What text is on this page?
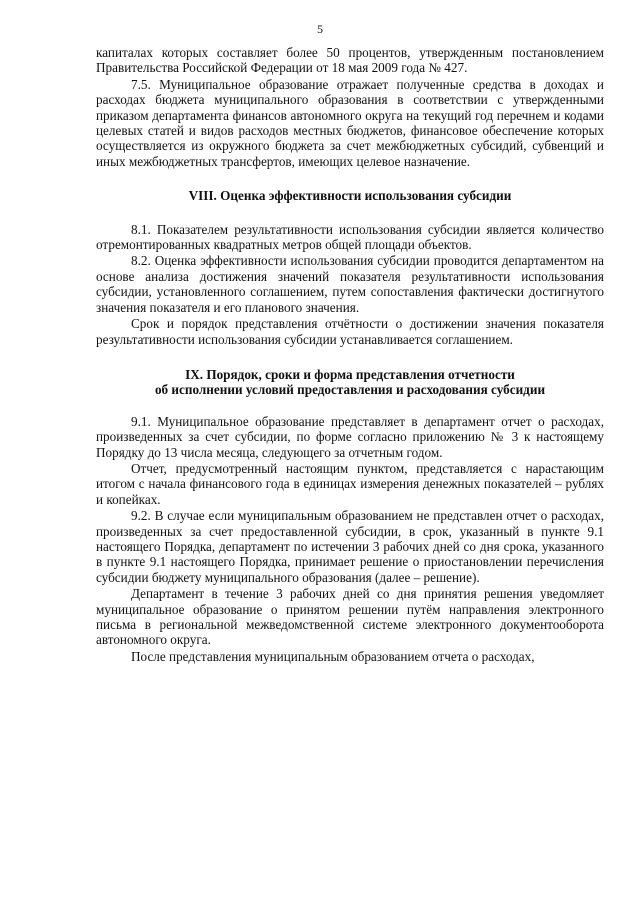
5

капиталах которых составляет более 50 процентов, утвержденным постановлением Правительства Российской Федерации от 18 мая 2009 года № 427.

7.5. Муниципальное образование отражает полученные средства в доходах и расходах бюджета муниципального образования в соответствии с утвержденными приказом департамента финансов автономного округа на текущий год перечнем и кодами целевых статей и видов расходов местных бюджетов, финансовое обеспечение которых осуществляется из окружного бюджета за счет межбюджетных субсидий, субвенций и иных межбюджетных трансфертов, имеющих целевое назначение.

VIII. Оценка эффективности использования субсидии

8.1. Показателем результативности использования субсидии является количество отремонтированных квадратных метров общей площади объектов.

8.2. Оценка эффективности использования субсидии проводится департаментом на основе анализа достижения значений показателя результативности использования субсидии, установленного соглашением, путем сопоставления фактически достигнутого значения показателя и его планового значения.

Срок и порядок представления отчётности о достижении значения показателя результативности использования субсидии устанавливается соглашением.

IX. Порядок, сроки и форма представления отчетности
об исполнении условий предоставления и расходования субсидии

9.1. Муниципальное образование представляет в департамент отчет о расходах, произведенных за счет субсидии, по форме согласно приложению № 3 к настоящему Порядку до 13 числа месяца, следующего за отчетным годом.

Отчет, предусмотренный настоящим пунктом, представляется с нарастающим итогом с начала финансового года в единицах измерения денежных показателей – рублях и копейках.

9.2. В случае если муниципальным образованием не представлен отчет о расходах, произведенных за счет предоставленной субсидии, в срок, указанный в пункте 9.1 настоящего Порядка, департамент по истечении 3 рабочих дней со дня срока, указанного в пункте 9.1 настоящего Порядка, принимает решение о приостановлении перечисления субсидии бюджету муниципального образования (далее – решение).

Департамент в течение 3 рабочих дней со дня принятия решения уведомляет муниципальное образование о принятом решении путём направления электронного письма в региональной межведомственной системе электронного документооборота автономного округа.

После представления муниципальным образованием отчета о расходах,
